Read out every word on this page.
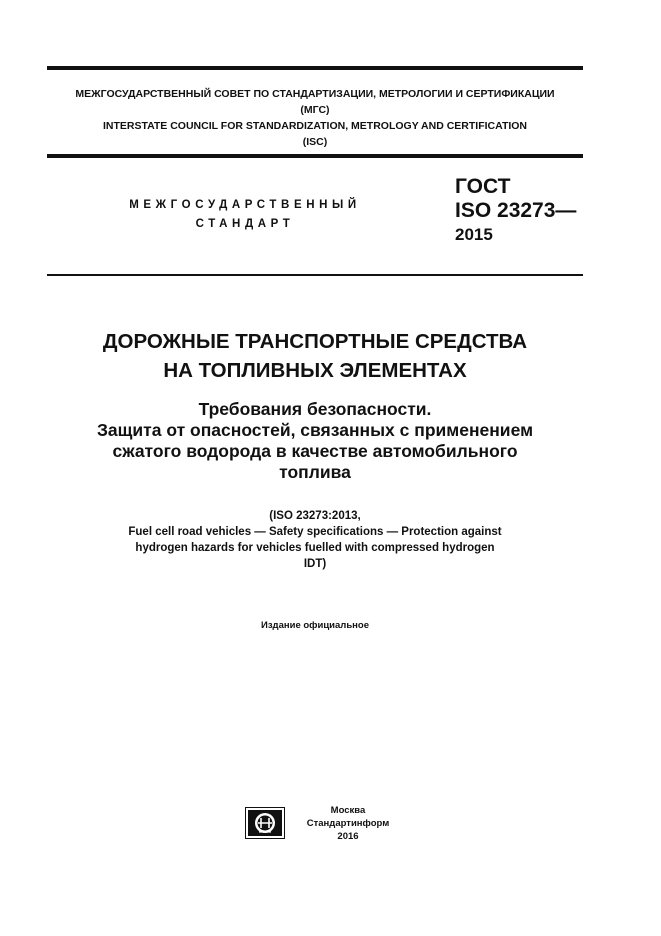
МЕЖГОСУДАРСТВЕННЫЙ СОВЕТ ПО СТАНДАРТИЗАЦИИ, МЕТРОЛОГИИ И СЕРТИФИКАЦИИ
(МГС)
INTERSTATE COUNCIL FOR STANDARDIZATION, METROLOGY AND CERTIFICATION
(ISC)
МЕЖГОСУДАРСТВЕННЫЙ
СТАНДАРТ
ГОСТ
ISO 23273—
2015
ДОРОЖНЫЕ ТРАНСПОРТНЫЕ СРЕДСТВА
НА ТОПЛИВНЫХ ЭЛЕМЕНТАХ
Требования безопасности.
Защита от опасностей, связанных с применением
сжатого водорода в качестве автомобильного
топлива
(ISO 23273:2013,
Fuel cell road vehicles — Safety specifications — Protection against
hydrogen hazards for vehicles fuelled with compressed hydrogen
IDT)
Издание официальное
Москва
Стандартинформ
2016
